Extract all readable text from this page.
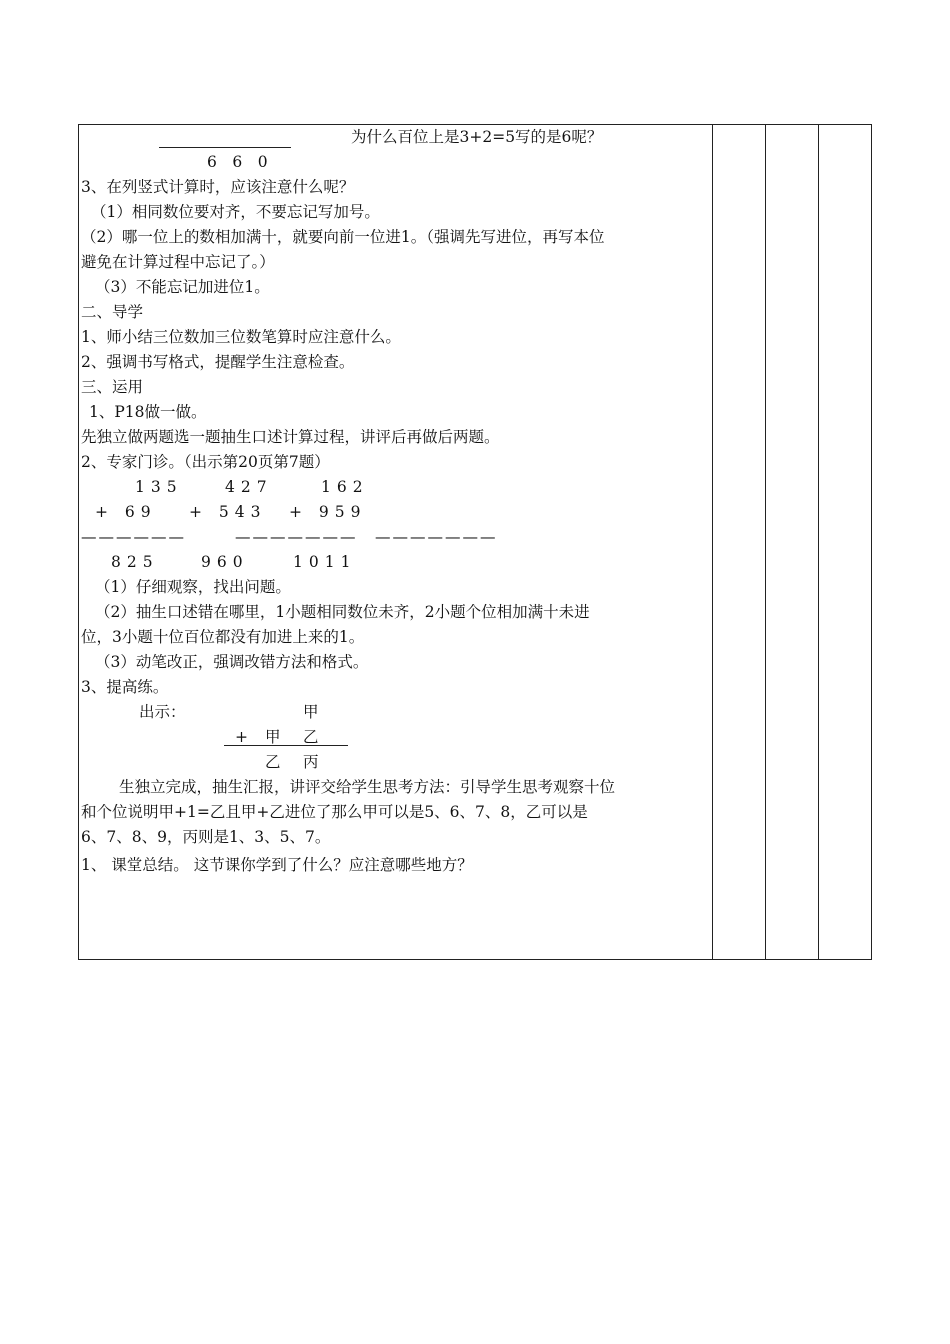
为什么百位上是3+2=5写的是6呢？
6　6　0
3、在列竖式计算时，应该注意什么呢？
（1）相同数位要对齐，不要忘记写加号。
（2）哪一位上的数相加满十，就要向前一位进1。（强调先写进位，再写本位
避免在计算过程中忘记了。）
（3）不能忘记加进位1。
二、导学
1、师小结三位数加三位数笔算时应注意什么。
2、强调书写格式，提醒学生注意检查。
三、运用
1、P18做一做。
先独立做两题选一题抽生口述计算过程，讲评后再做后两题。
2、专家门诊。（出示第20页第7题）
135	427	162
+ 69 + 543 + 959
——————	——————— ———————
825	960	1011
（1）仔细观察，找出问题。
（2）抽生口述错在哪里，1小题相同数位未齐，2小题个位相加满十未进
位，3小题十位百位都没有加进上来的1。
（3）动笔改正，强调改错方法和格式。
3、提高练。
出示：	甲
+ 甲 乙
乙 丙
生独立完成，抽生汇报，讲评交给学生思考方法：引导学生思考观察十位
和个位说明甲+1=乙且甲+乙进位了那么甲可以是5、6、7、8，乙可以是
6、7、8、9，丙则是1、3、5、7。
1、 课堂总结。 这节课你学到了什么？应注意哪些地方？
